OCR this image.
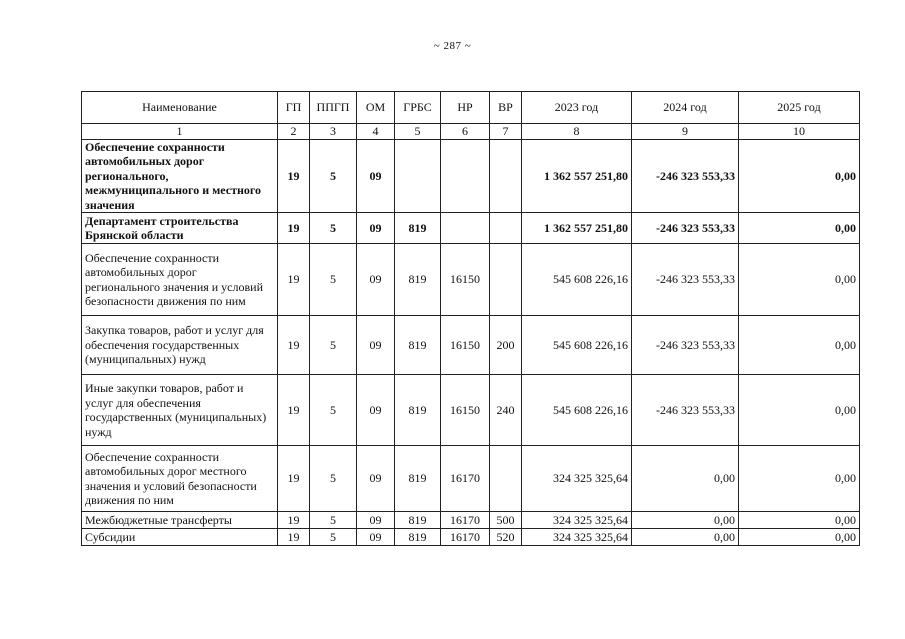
~ 287 ~
Наименование	ГП	ППГП	ОМ	ГРБС	НР	ВР	2023 год	2024 год	2025 год
1	2	3	4	5	6	7	8	9	10
Обеспечение сохранности автомобильных дорог регионального, межмуниципального и местного значения	19	5	09				1 362 557 251,80	-246 323 553,33	0,00
Департамент строительства Брянской области	19	5	09	819			1 362 557 251,80	-246 323 553,33	0,00
Обеспечение сохранности автомобильных дорог регионального значения и условий безопасности движения по ним	19	5	09	819	16150		545 608 226,16	-246 323 553,33	0,00
Закупка товаров, работ и услуг для обеспечения государственных (муниципальных) нужд	19	5	09	819	16150	200	545 608 226,16	-246 323 553,33	0,00
Иные закупки товаров, работ и услуг для обеспечения государственных (муниципальных) нужд	19	5	09	819	16150	240	545 608 226,16	-246 323 553,33	0,00
Обеспечение сохранности автомобильных дорог местного значения и условий безопасности движения по ним	19	5	09	819	16170		324 325 325,64	0,00	0,00
Межбюджетные трансферты	19	5	09	819	16170	500	324 325 325,64	0,00	0,00
Субсидии	19	5	09	819	16170	520	324 325 325,64	0,00	0,00
